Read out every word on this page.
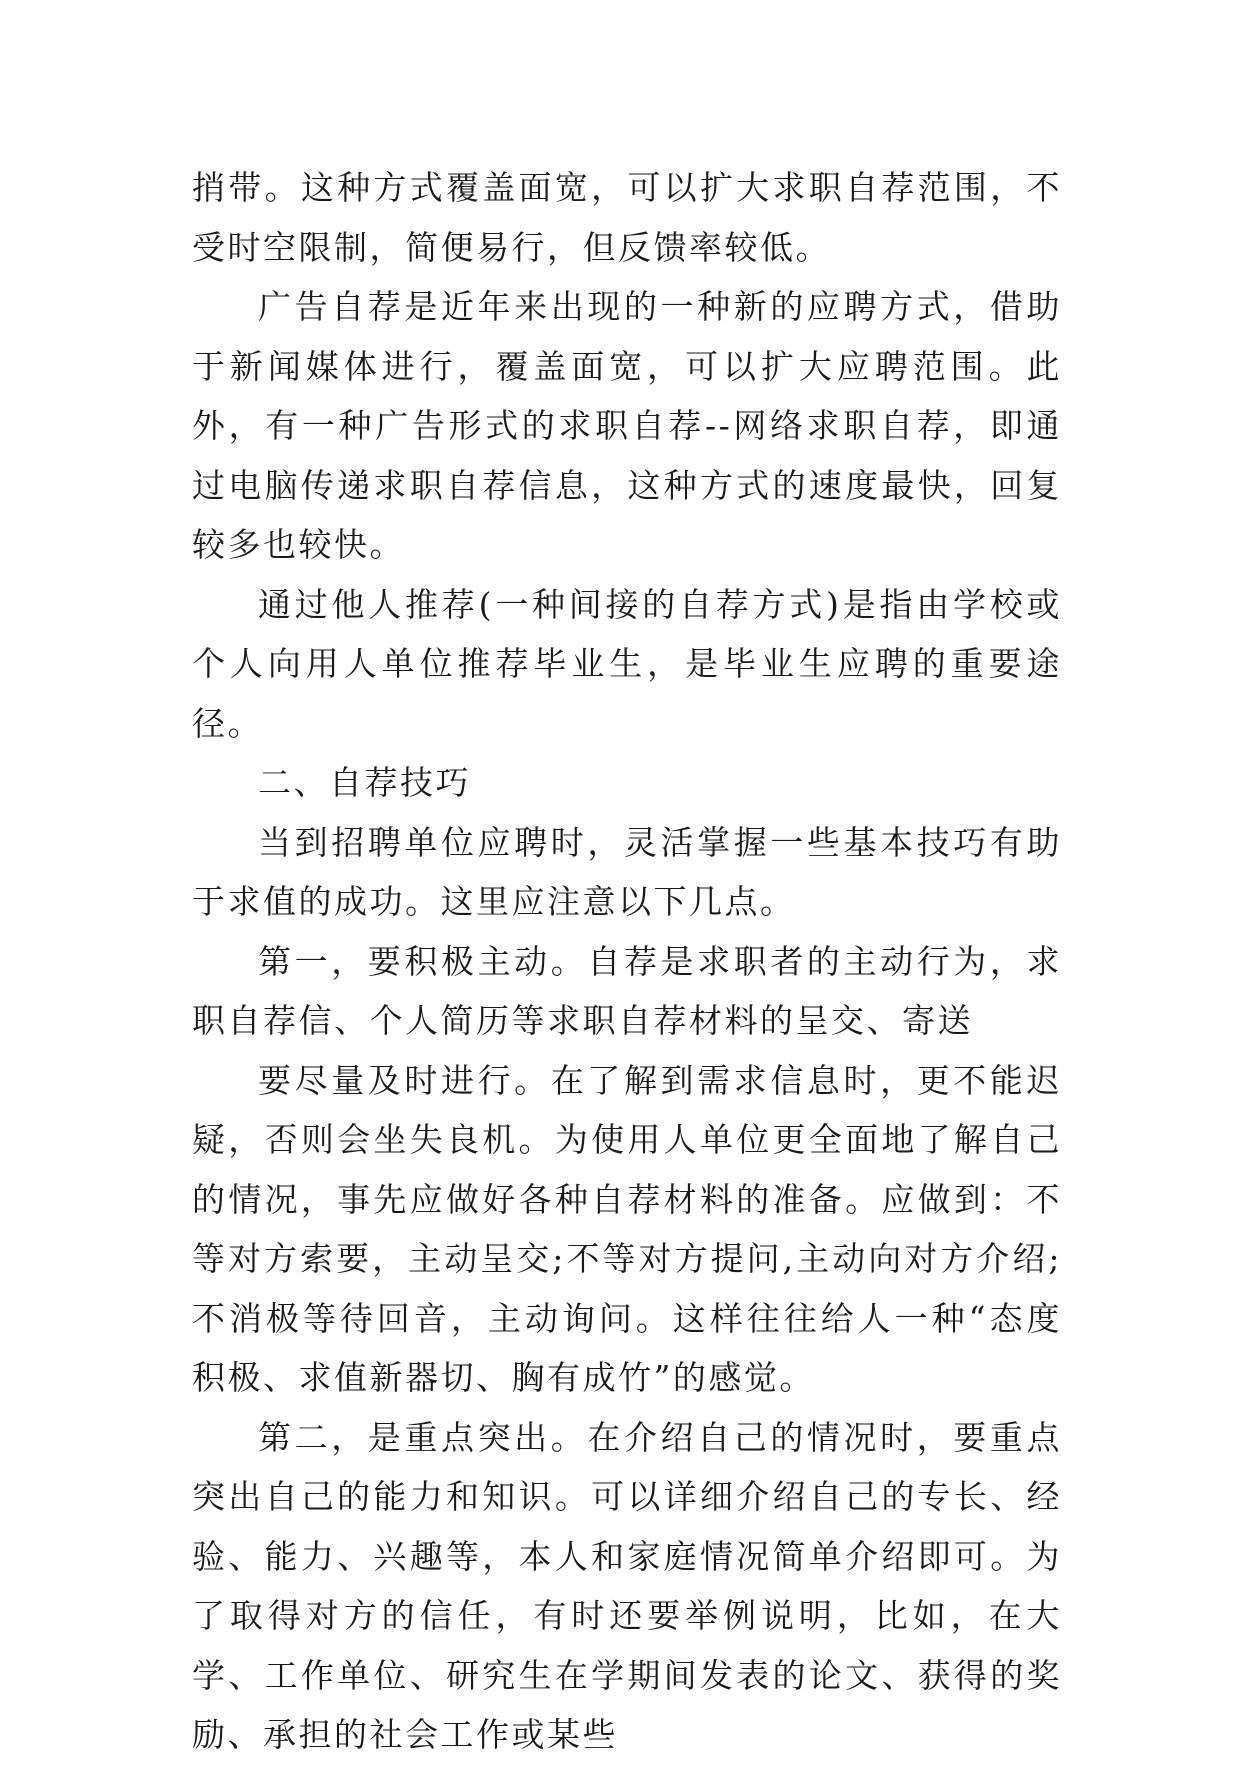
捎带。这种方式覆盖面宽，可以扩大求职自荐范围，不受时空限制，简便易行，但反馈率较低。

广告自荐是近年来出现的一种新的应聘方式，借助于新闻媒体进行，覆盖面宽，可以扩大应聘范围。此外，有一种广告形式的求职自荐--网络求职自荐，即通过电脑传递求职自荐信息，这种方式的速度最快，回复较多也较快。

通过他人推荐(一种间接的自荐方式)是指由学校或个人向用人单位推荐毕业生，是毕业生应聘的重要途径。

二、自荐技巧

当到招聘单位应聘时，灵活掌握一些基本技巧有助于求值的成功。这里应注意以下几点。

第一，要积极主动。自荐是求职者的主动行为，求职自荐信、个人简历等求职自荐材料的呈交、寄送

要尽量及时进行。在了解到需求信息时，更不能迟疑，否则会坐失良机。为使用人单位更全面地了解自己的情况，事先应做好各种自荐材料的准备。应做到：不等对方索要，主动呈交;不等对方提问,主动向对方介绍;不消极等待回音，主动询问。这样往往给人一种“态度积极、求值新器切、胸有成竹”的感觉。

第二，是重点突出。在介绍自己的情况时，要重点突出自己的能力和知识。可以详细介绍自己的专长、经验、能力、兴趣等，本人和家庭情况简单介绍即可。为了取得对方的信任，有时还要举例说明，比如，在大学、工作单位、研究生在学期间发表的论文、获得的奖励、承担的社会工作或某些
